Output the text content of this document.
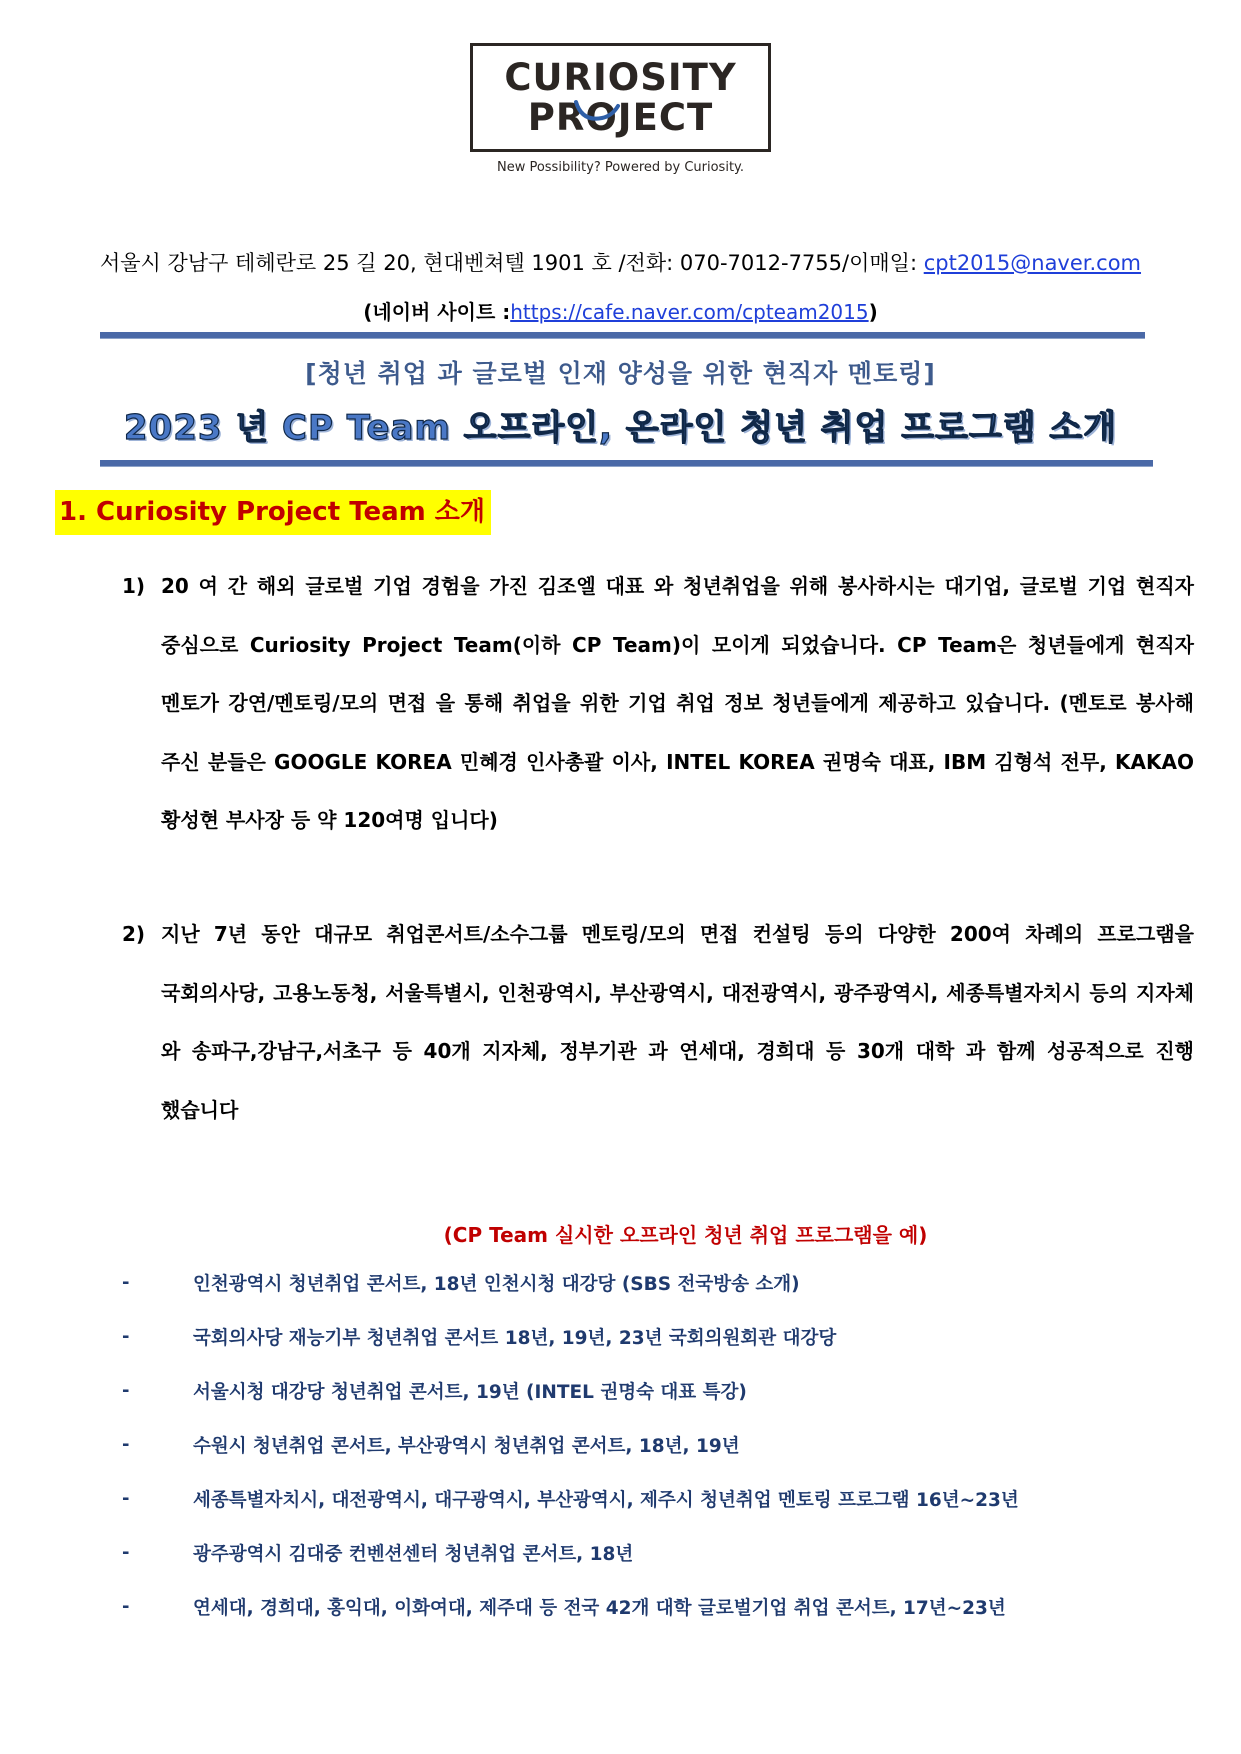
CURIOSITY
PROJECT
New Possibility? Powered by Curiosity.
서울시 강남구 테헤란로 25 길 20, 현대벤쳐텔 1901 호 /전화: 070-7012-7755/이매일: cpt2015@naver.com
(네이버 사이트 :https://cafe.naver.com/cpteam2015)
[청년 취업 과 글로벌 인재 양성을 위한 현직자 멘토링]
2023 년 CP Team 오프라인, 온라인 청년 취업 프로그램 소개
1. Curiosity Project Team 소개
1) 20 여 간 해외 글로벌 기업 경험을 가진 김조엘 대표 와 청년취업을 위해 봉사하시는 대기업, 글로벌 기업 현직자 중심으로 Curiosity Project Team(이하 CP Team)이 모이게 되었습니다. CP Team은 청년들에게 현직자 멘토가 강연/멘토링/모의 면접 을 통해 취업을 위한 기업 취업 정보 청년들에게 제공하고 있습니다. (멘토로 봉사해 주신 분들은 GOOGLE KOREA 민혜경 인사총괄 이사, INTEL KOREA 권명숙 대표, IBM 김형석 전무, KAKAO 황성현 부사장 등 약 120여명 입니다)
2) 지난 7년 동안 대규모 취업콘서트/소수그룹 멘토링/모의 면접 컨설팅 등의 다양한 200여 차례의 프로그램을 국회의사당, 고용노동청, 서울특별시, 인천광역시, 부산광역시, 대전광역시, 광주광역시, 세종특별자치시 등의 지자체 와 송파구,강남구,서초구 등 40개 지자체, 정부기관 과 연세대, 경희대 등 30개 대학 과 함께 성공적으로 진행 했습니다
(CP Team 실시한 오프라인 청년 취업 프로그램을 예)
-	인천광역시 청년취업 콘서트, 18년 인천시청 대강당 (SBS 전국방송 소개)
-	국회의사당 재능기부 청년취업 콘서트 18년, 19년, 23년 국회의원회관 대강당
-	서울시청 대강당 청년취업 콘서트, 19년 (INTEL 권명숙 대표 특강)
-	수원시 청년취업 콘서트, 부산광역시 청년취업 콘서트, 18년, 19년
-	세종특별자치시, 대전광역시, 대구광역시, 부산광역시, 제주시 청년취업 멘토링 프로그램 16년~23년
-	광주광역시 김대중 컨벤션센터 청년취업 콘서트, 18년
-	연세대, 경희대, 홍익대, 이화여대, 제주대 등 전국 42개 대학 글로벌기업 취업 콘서트, 17년~23년
